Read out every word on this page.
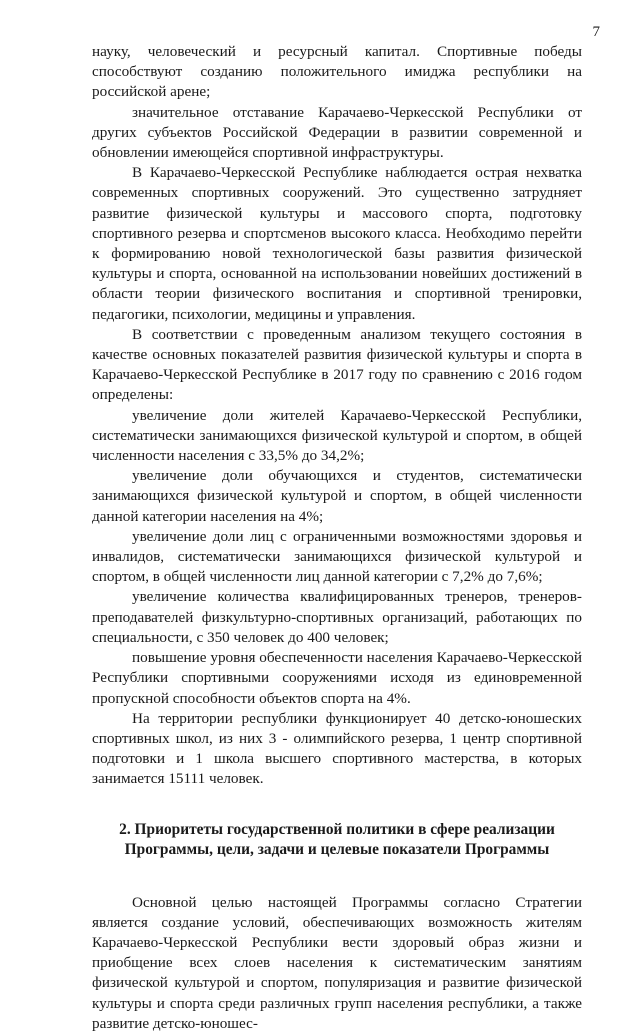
7

науку, человеческий и ресурсный капитал. Спортивные победы способствуют созданию положительного имиджа республики на российской арене;

значительное отставание Карачаево-Черкесской Республики от других субъектов Российской Федерации в развитии современной и обновлении имеющейся спортивной инфраструктуры.

В Карачаево-Черкесской Республике наблюдается острая нехватка современных спортивных сооружений. Это существенно затрудняет развитие физической культуры и массового спорта, подготовку спортивного резерва и спортсменов высокого класса. Необходимо перейти к формированию новой технологической базы развития физической культуры и спорта, основанной на использовании новейших достижений в области теории физического воспитания и спортивной тренировки, педагогики, психологии, медицины и управления.

В соответствии с проведенным анализом текущего состояния в качестве основных показателей развития физической культуры и спорта в Карачаево-Черкесской Республике в 2017 году по сравнению с 2016 годом определены:

увеличение доли жителей Карачаево-Черкесской Республики, систематически занимающихся физической культурой и спортом, в общей численности населения с 33,5% до 34,2%;

увеличение доли обучающихся и студентов, систематически занимающихся физической культурой и спортом, в общей численности данной категории населения на 4%;

увеличение доли лиц с ограниченными возможностями здоровья и инвалидов, систематически занимающихся физической культурой и спортом, в общей численности лиц данной категории с 7,2% до 7,6%;

увеличение количества квалифицированных тренеров, тренеров-преподавателей физкультурно-спортивных организаций, работающих по специальности, с 350 человек до 400 человек;

повышение уровня обеспеченности населения Карачаево-Черкесской Республики спортивными сооружениями исходя из единовременной пропускной способности объектов спорта на 4%.

На территории республики функционирует 40 детско-юношеских спортивных школ, из них 3 - олимпийского резерва, 1 центр спортивной подготовки и 1 школа высшего спортивного мастерства, в которых занимается 15111 человек.

2. Приоритеты государственной политики в сфере реализации
Программы, цели, задачи и целевые показатели Программы

Основной целью настоящей Программы согласно Стратегии является создание условий, обеспечивающих возможность жителям Карачаево-Черкесской Республики вести здоровый образ жизни и приобщение всех слоев населения к систематическим занятиям физической культурой и спортом, популяризация и развитие физической культуры и спорта среди различных групп населения республики, а также развитие детско-юношес-
